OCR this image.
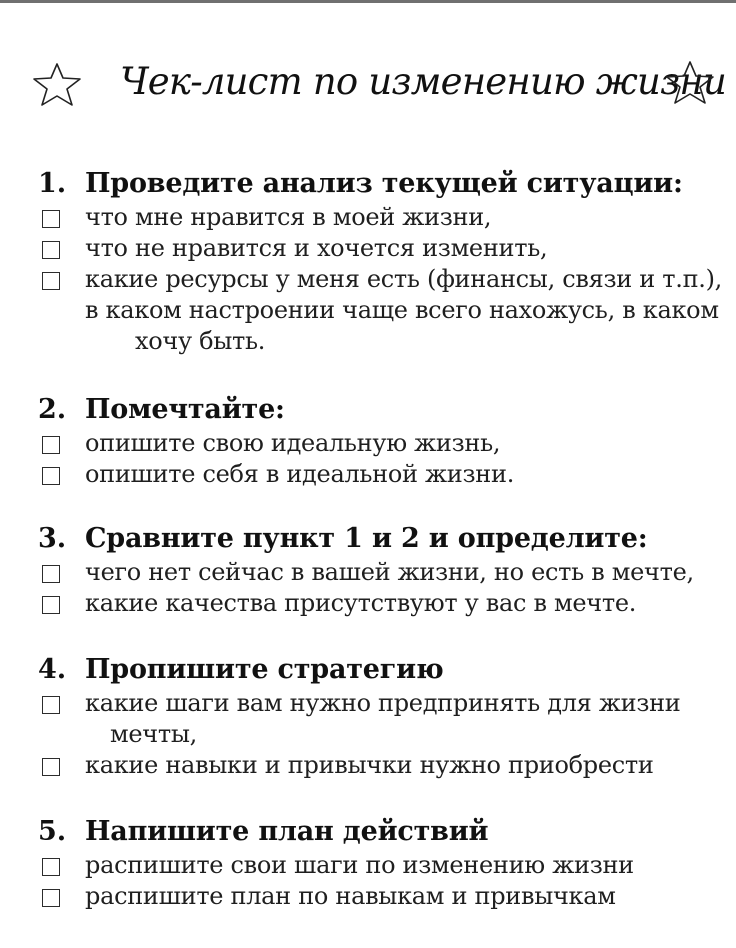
Чек-лист по изменению жизни
1. Проведите анализ текущей ситуации:
что мне нравится в моей жизни,
что не нравится и хочется изменить,
какие ресурсы у меня есть (финансы, связи и т.п.),
в каком настроении чаще всего нахожусь, в каком
хочу быть.
2. Помечтайте:
опишите свою идеальную жизнь,
опишите себя в идеальной жизни.
3. Сравните пункт 1 и 2 и определите:
чего нет сейчас в вашей жизни, но есть в мечте,
какие качества присутствуют у вас в мечте.
4. Пропишите стратегию
какие шаги вам нужно предпринять для жизни
мечты,
какие навыки и привычки нужно приобрести
5. Напишите план действий
распишите свои шаги по изменению жизни
распишите план по навыкам и привычкам
